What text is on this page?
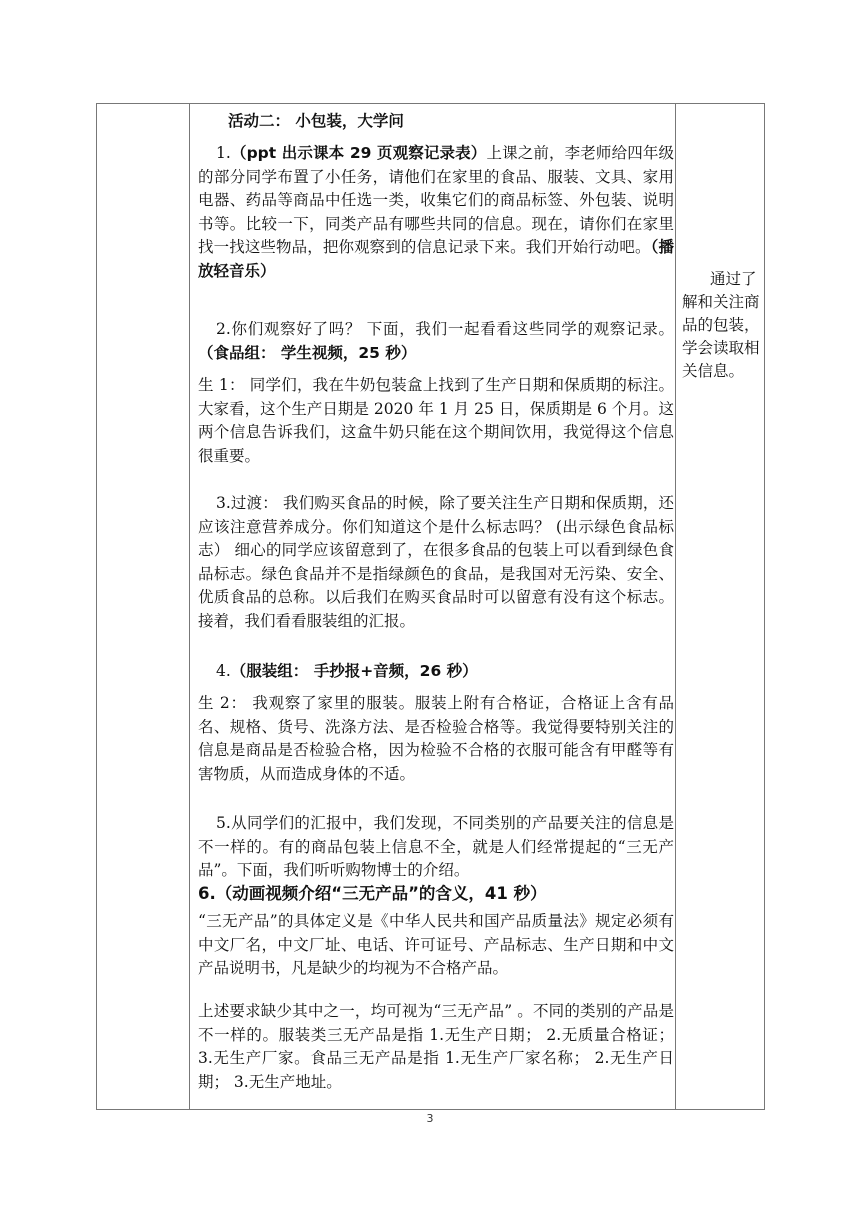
活动二： 小包装，大学问
1.（ppt 出示课本 29 页观察记录表）上课之前，李老师给四年级的部分同学布置了小任务，请他们在家里的食品、服装、文具、家用电器、药品等商品中任选一类，收集它们的商品标签、外包装、说明书等。比较一下，同类产品有哪些共同的信息。现在，请你们在家里找一找这些物品，把你观察到的信息记录下来。我们开始行动吧。（播放轻音乐）
2.你们观察好了吗？ 下面，我们一起看看这些同学的观察记录。（食品组： 学生视频，25 秒）
生 1： 同学们，我在牛奶包装盒上找到了生产日期和保质期的标注。大家看，这个生产日期是 2020 年 1 月 25 日，保质期是 6 个月。这两个信息告诉我们，这盒牛奶只能在这个期间饮用，我觉得这个信息很重要。
3.过渡： 我们购买食品的时候，除了要关注生产日期和保质期，还应该注意营养成分。你们知道这个是什么标志吗？ (出示绿色食品标志） 细心的同学应该留意到了，在很多食品的包装上可以看到绿色食品标志。绿色食品并不是指绿颜色的食品，是我国对无污染、安全、优质食品的总称。以后我们在购买食品时可以留意有没有这个标志。接着，我们看看服装组的汇报。
4.（服装组： 手抄报+音频，26 秒）
生 2： 我观察了家里的服装。服装上附有合格证，合格证上含有品名、规格、货号、洗涤方法、是否检验合格等。我觉得要特别关注的信息是商品是否检验合格，因为检验不合格的衣服可能含有甲醛等有害物质，从而造成身体的不适。
5.从同学们的汇报中，我们发现，不同类别的产品要关注的信息是不一样的。有的商品包装上信息不全，就是人们经常提起的“三无产品”。下面，我们听听购物博士的介绍。
6.（动画视频介绍“三无产品”的含义，41 秒）
“三无产品”的具体定义是《中华人民共和国产品质量法》规定必须有中文厂名，中文厂址、电话、许可证号、产品标志、生产日期和中文产品说明书，凡是缺少的均视为不合格产品。
上述要求缺少其中之一，均可视为“三无产品” 。不同的类别的产品是不一样的。服装类三无产品是指 1.无生产日期； 2.无质量合格证； 3.无生产厂家。食品三无产品是指 1.无生产厂家名称； 2.无生产日期； 3.无生产地址。
通过了解和关注商品的包装，学会读取相关信息。
3
